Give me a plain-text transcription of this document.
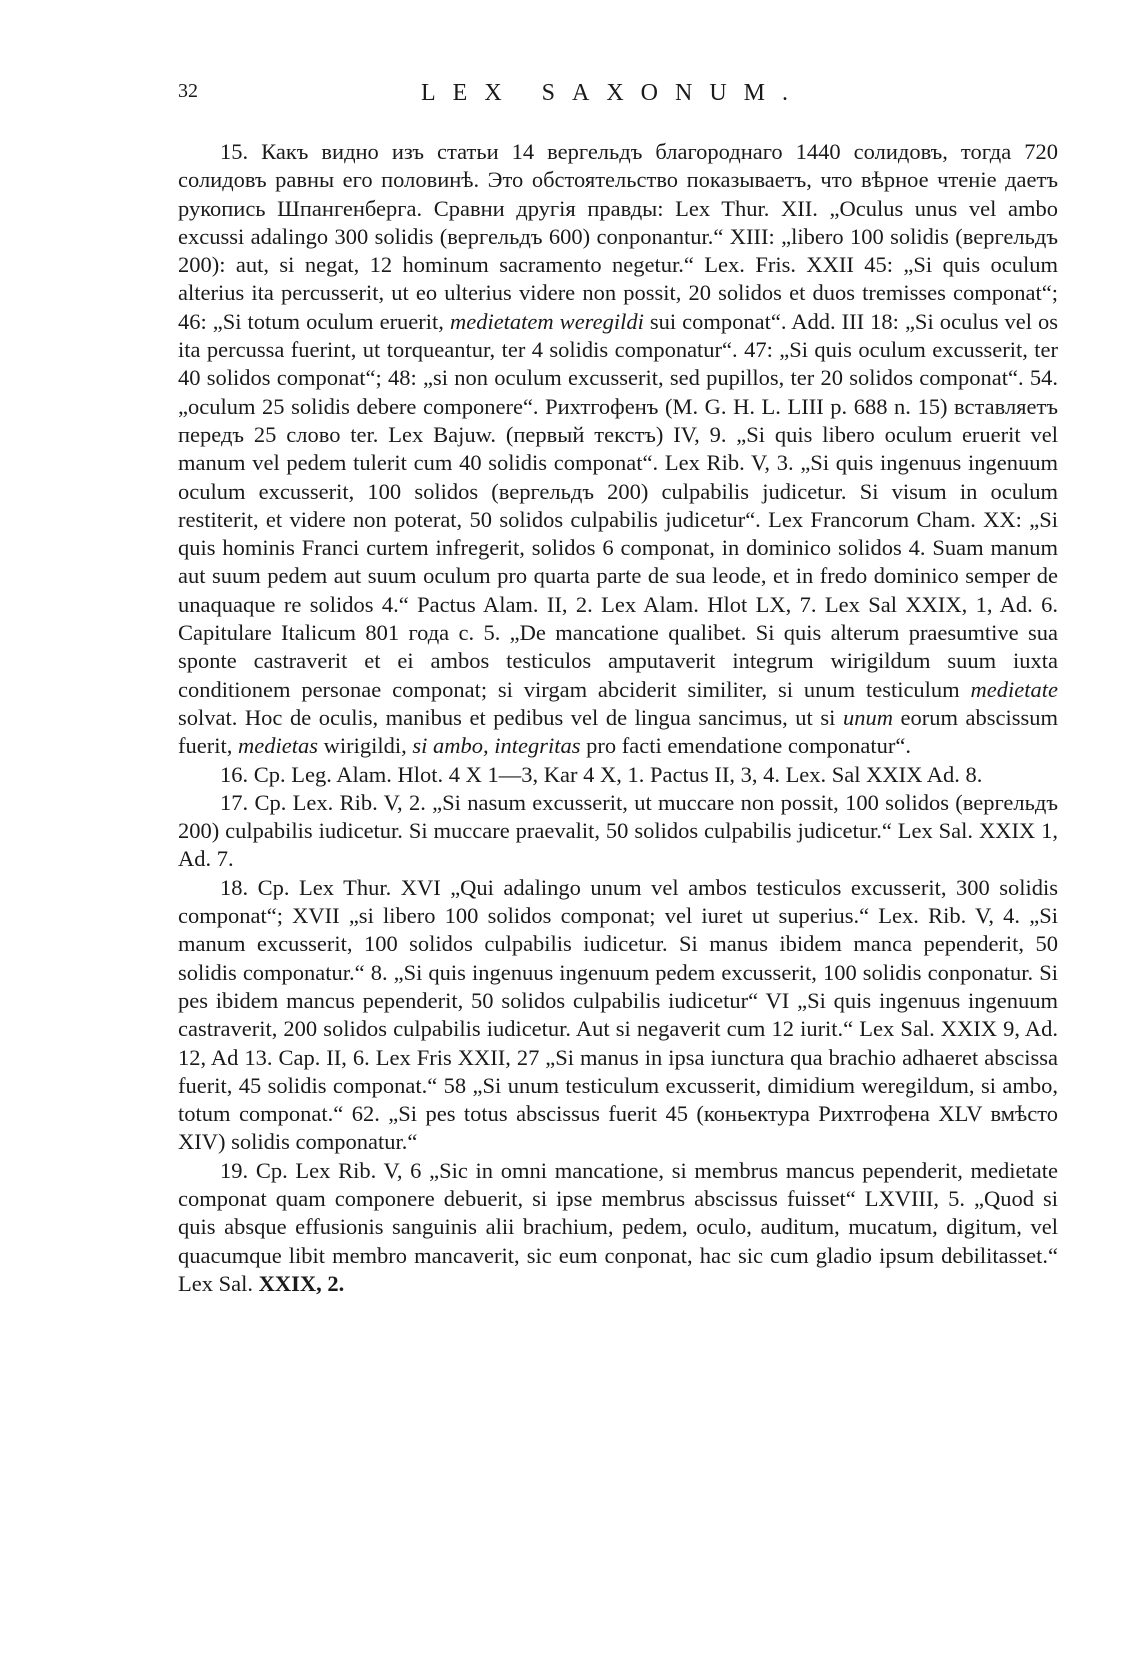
32	LEX SAXONUM.

15. Какъ видно изъ статьи 14 вергельдъ благороднаго 1440 солидовъ, тогда 720 солидовъ равны его половинѣ. Это обстоятельство показываетъ, что вѣрное чтеніе даетъ рукопись Шпангенберга. Сравни другія правды: Lex Thur. XII. „Oculus unus vel ambo excussi adalingo 300 solidis (вергельдъ 600) conponantur.“ XIII: „libero 100 solidis (вергельдъ 200): aut, si negat, 12 hominum sacramento negetur.“ Lex. Fris. XXII 45: „Si quis oculum alterius ita percusserit, ut eo ulterius videre non possit, 20 solidos et duos tremisses componat“; 46: „Si totum oculum eruerit, medietatem weregildi sui componat“. Add. III 18: „Si oculus vel os ita percussa fuerint, ut torqueantur, ter 4 solidis componatur“. 47: „Si quis oculum excusserit, ter 40 solidos componat“; 48: „si non oculum excusserit, sed pupillos, ter 20 solidos componat“. 54. „oculum 25 solidis debere componere“. Рихтгофенъ (M. G. H. L. LIII p. 688 n. 15) вставляетъ передъ 25 слово ter. Lex Bajuw. (первый текстъ) IV, 9. „Si quis libero oculum eruerit vel manum vel pedem tulerit cum 40 solidis componat“. Lex Rib. V, 3. „Si quis ingenuus ingenuum oculum excusserit, 100 solidos (вергельдъ 200) culpabilis judicetur. Si visum in oculum restiterit, et videre non poterat, 50 solidos culpabilis judicetur“. Lex Francorum Cham. XX: „Si quis hominis Franci curtem infregerit, solidos 6 componat, in dominico solidos 4. Suam manum aut suum pedem aut suum oculum pro quarta parte de sua leode, et in fredo dominico semper de unaquaque re solidos 4.“ Pactus Alam. II, 2. Lex Alam. Hlot LX, 7. Lex Sal XXIX, 1, Ad. 6. Capitulare Italicum 801 года c. 5. „De mancatione qualibet. Si quis alterum praesumtive sua sponte castraverit et ei ambos testiculos amputaverit integrum wirigildum suum iuxta conditionem personae componat; si virgam abciderit similiter, si unum testiculum medietate solvat. Hoc de oculis, manibus et pedibus vel de lingua sancimus, ut si unum eorum abscissum fuerit, medietas wirigildi, si ambo, integritas pro facti emendatione componatur“.

16. Cp. Leg. Alam. Hlot. 4 X 1—3, Kar 4 X, 1. Pactus II, 3, 4. Lex. Sal XXIX Ad. 8.

17. Cp. Lex. Rib. V, 2. „Si nasum excusserit, ut muccare non possit, 100 solidos (вергельдъ 200) culpabilis iudicetur. Si muccare praevalit, 50 solidos culpabilis judicetur.“ Lex Sal. XXIX 1, Ad. 7.

18. Cp. Lex Thur. XVI „Qui adalingo unum vel ambos testiculos excusserit, 300 solidis componat“; XVII „si libero 100 solidos componat; vel iuret ut superius.“ Lex. Rib. V, 4. „Si manum excusserit, 100 solidos culpabilis iudicetur. Si manus ibidem manca pependerit, 50 solidis componatur.“ 8. „Si quis ingenuus ingenuum pedem excusserit, 100 solidis conponatur. Si pes ibidem mancus pependerit, 50 solidos culpabilis iudicetur“ VI „Si quis ingenuus ingenuum castraverit, 200 solidos culpabilis iudicetur. Aut si negaverit cum 12 iurit.“ Lex Sal. XXIX 9, Ad. 12, Ad 13. Cap. II, 6. Lex Fris XXII, 27 „Si manus in ipsa iunctura qua brachio adhaeret abscissa fuerit, 45 solidis componat.“ 58 „Si unum testiculum excusserit, dimidium weregildum, si ambo, totum componat.“ 62. „Si pes totus abscissus fuerit 45 (коньектура Рихтгофена XLV вмѣсто XIV) solidis componatur.“

19. Cp. Lex Rib. V, 6 „Sic in omni mancatione, si membrus mancus pependerit, medietate componat quam componere debuerit, si ipse membrus abscissus fuisset“ LXVIII, 5. „Quod si quis absque effusionis sanguinis alii brachium, pedem, oculo, auditum, mucatum, digitum, vel quacumque libit membro mancaverit, sic eum conponat, hac sic cum gladio ipsum debilitasset.“ Lex Sal. XXIX, 2.
